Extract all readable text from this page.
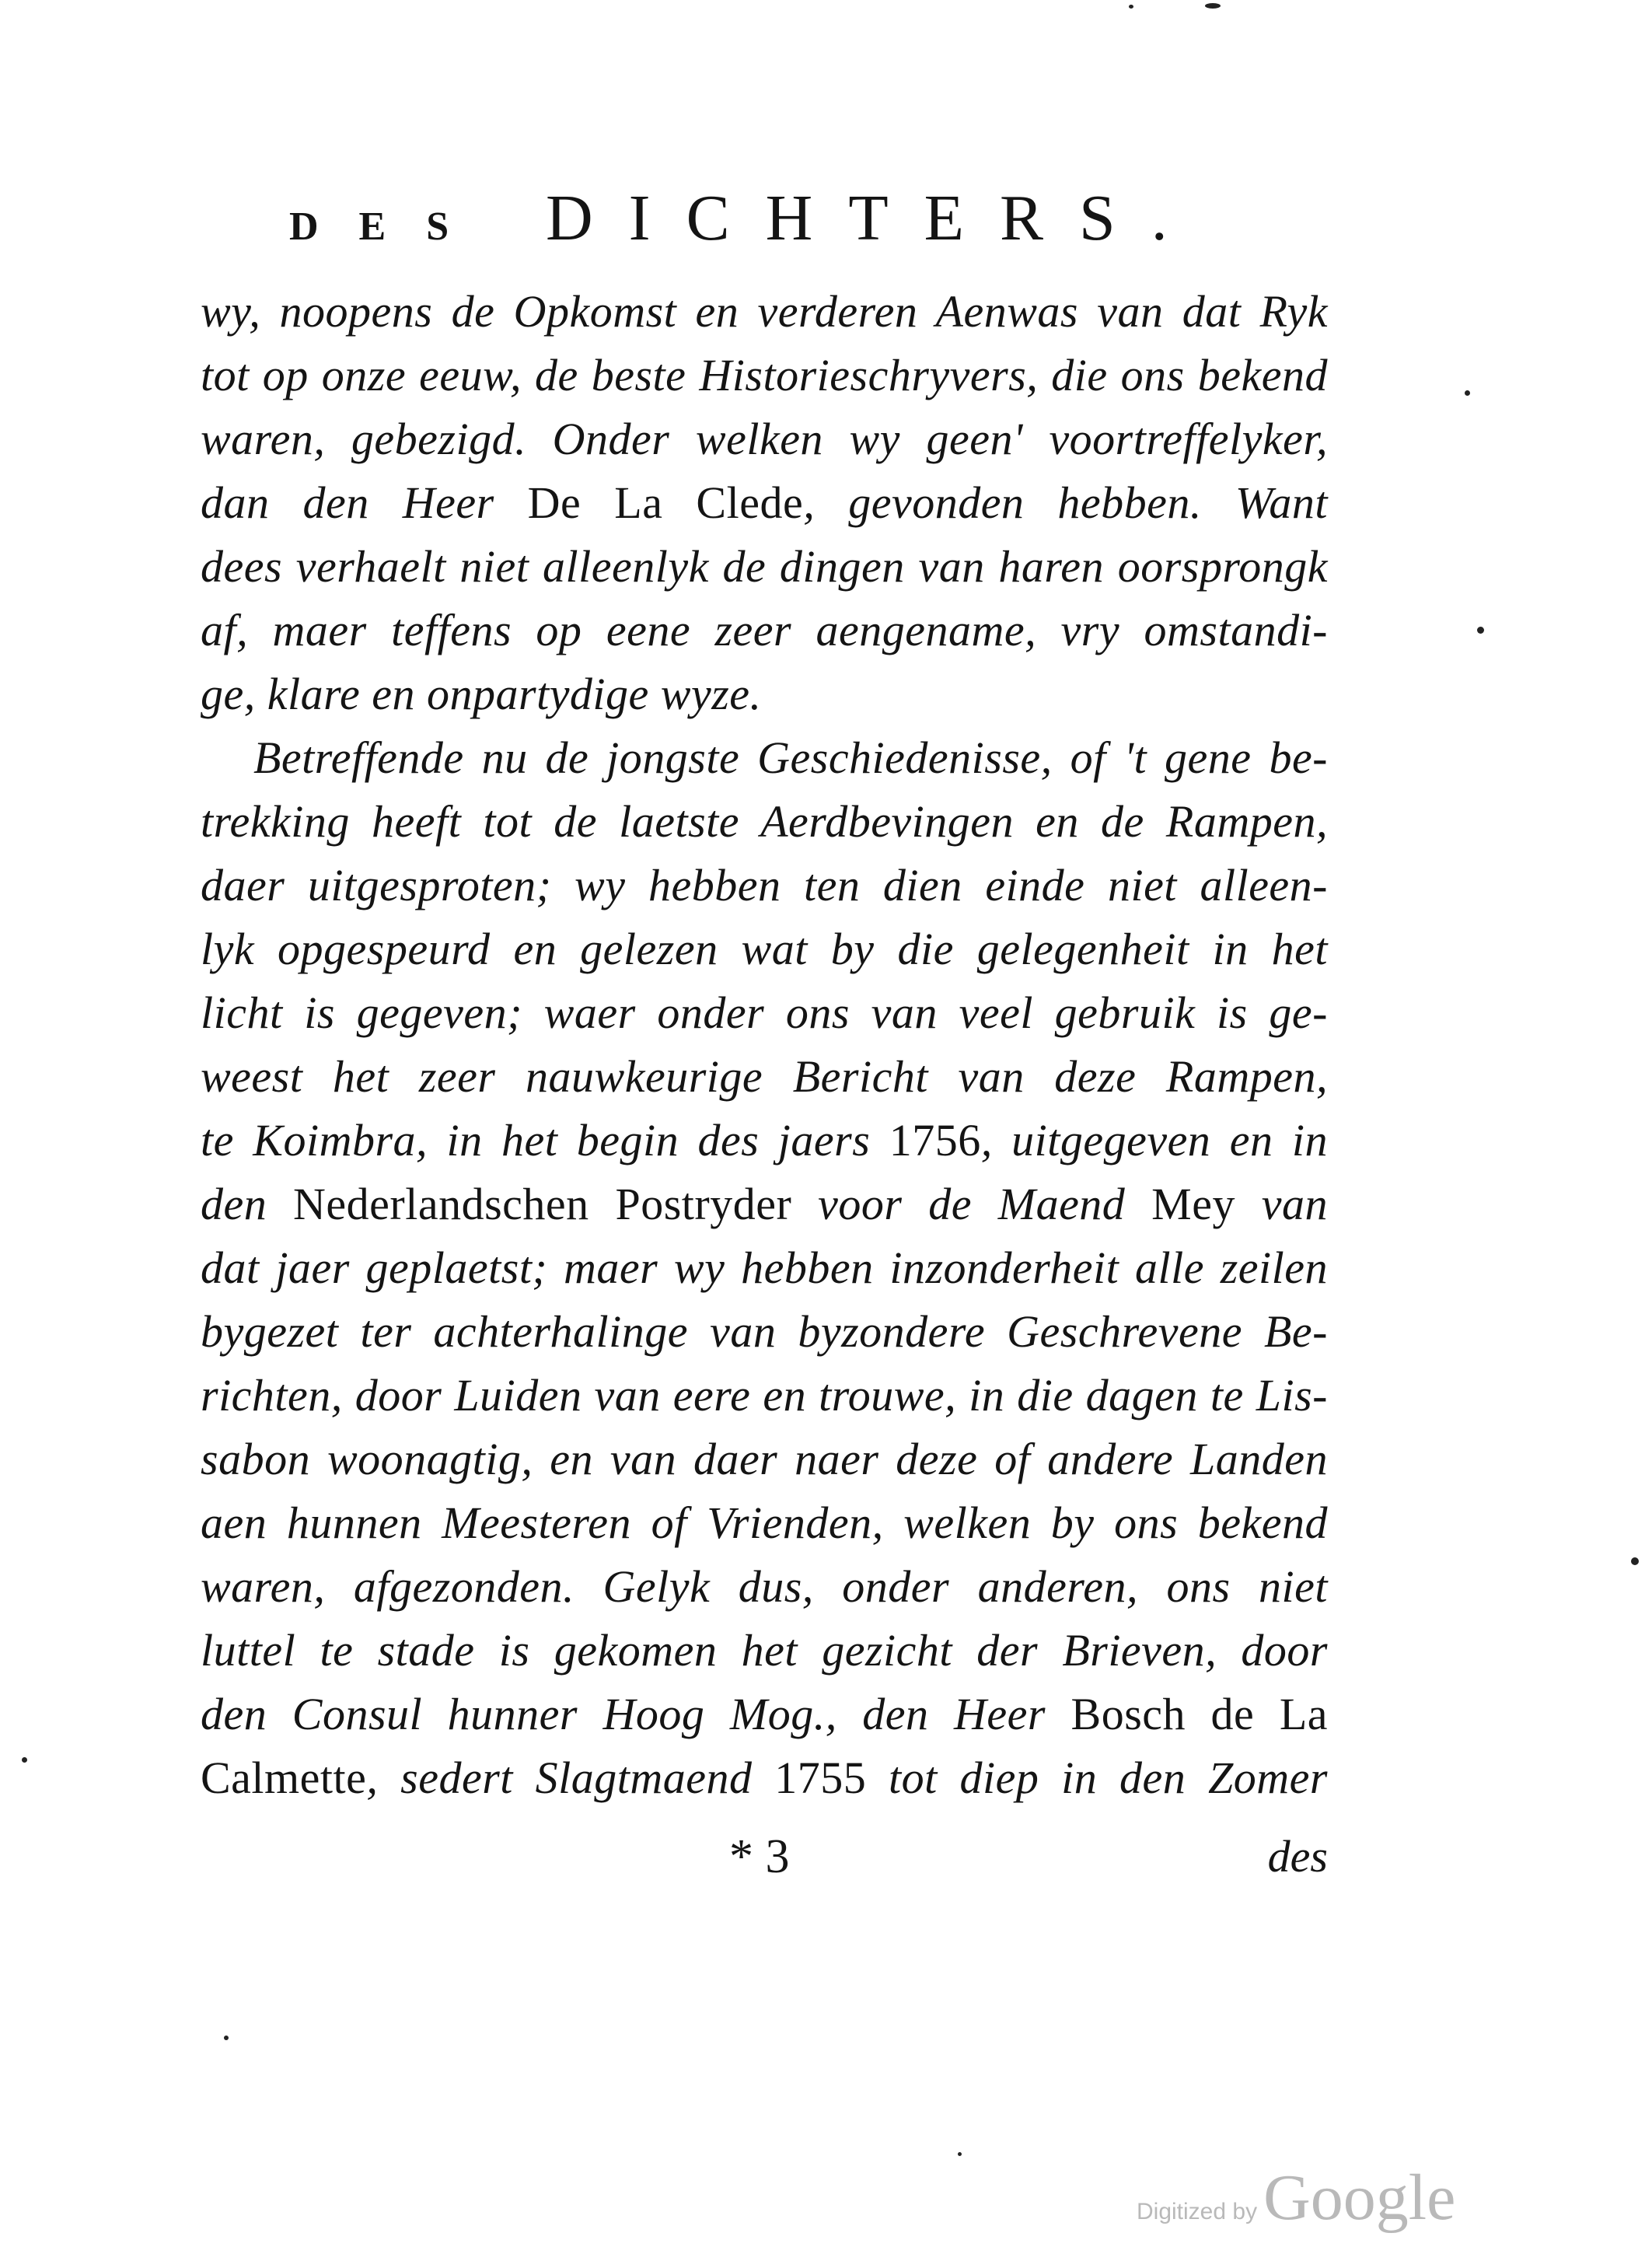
DES DICHTERS.
wy, noopens de Opkomst en verderen Aenwas van dat Ryk
tot op onze eeuw, de beste Historieschryvers, die ons bekend
waren, gebezigd. Onder welken wy geen' voortreffelyker,
dan den Heer De La Clede, gevonden hebben. Want
dees verhaelt niet alleenlyk de dingen van haren oorsprongk
af, maer teffens op eene zeer aengename, vry omstandi-
ge, klare en onpartydige wyze.
Betreffende nu de jongste Geschiedenisse, of 't gene be-
trekking heeft tot de laetste Aerdbevingen en de Rampen,
daer uitgesproten; wy hebben ten dien einde niet alleen-
lyk opgespeurd en gelezen wat by die gelegenheit in het
licht is gegeven; waer onder ons van veel gebruik is ge-
weest het zeer nauwkeurige Bericht van deze Rampen,
te Koimbra, in het begin des jaers 1756, uitgegeven en in
den Nederlandschen Postryder voor de Maend Mey van
dat jaer geplaetst; maer wy hebben inzonderheit alle zeilen
bygezet ter achterhalinge van byzondere Geschrevene Be-
richten, door Luiden van eere en trouwe, in die dagen te Lis-
sabon woonagtig, en van daer naer deze of andere Landen
aen hunnen Meesteren of Vrienden, welken by ons bekend
waren, afgezonden. Gelyk dus, onder anderen, ons niet
luttel te stade is gekomen het gezicht der Brieven, door
den Consul hunner Hoog Mog., den Heer Bosch de La
Calmette, sedert Slagtmaend 1755 tot diep in den Zomer
* 3	des
Digitized by Google
